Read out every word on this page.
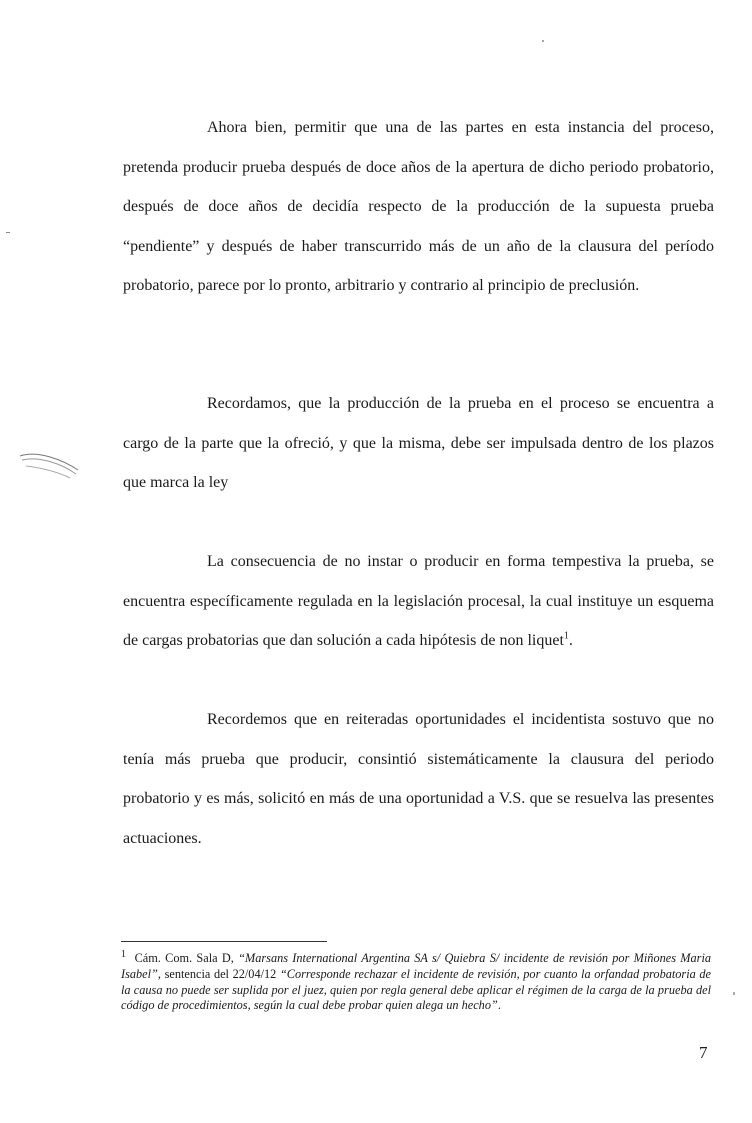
Ahora bien, permitir que una de las partes en esta instancia del proceso, pretenda producir prueba después de doce años de la apertura de dicho periodo probatorio, después de doce años de decidía respecto de la producción de la supuesta prueba “pendiente” y después de haber transcurrido más de un año de la clausura del período probatorio, parece por lo pronto, arbitrario y contrario al principio de preclusión.

Recordamos, que la producción de la prueba en el proceso se encuentra a cargo de la parte que la ofreció, y que la misma, debe ser impulsada dentro de los plazos que marca la ley

La consecuencia de no instar o producir en forma tempestiva la prueba, se encuentra específicamente regulada en la legislación procesal, la cual instituye un esquema de cargas probatorias que dan solución a cada hipótesis de non liquet$^1$.

Recordemos que en reiteradas oportunidades el incidentista sostuvo que no tenía más prueba que producir, consintió sistemáticamente la clausura del periodo probatorio y es más, solicitó en más de una oportunidad a V.S. que se resuelva las presentes actuaciones.

$^1$ Cám. Com. Sala D, “Marsans International Argentina SA s/ Quiebra S/ incidente de revisión por Miñones Maria Isabel”, sentencia del 22/04/12 “Corresponde rechazar el incidente de revisión, por cuanto la orfandad probatoria de la causa no puede ser suplida por el juez, quien por regla general debe aplicar el régimen de la carga de la prueba del código de procedimientos, según la cual debe probar quien alega un hecho”.

7
